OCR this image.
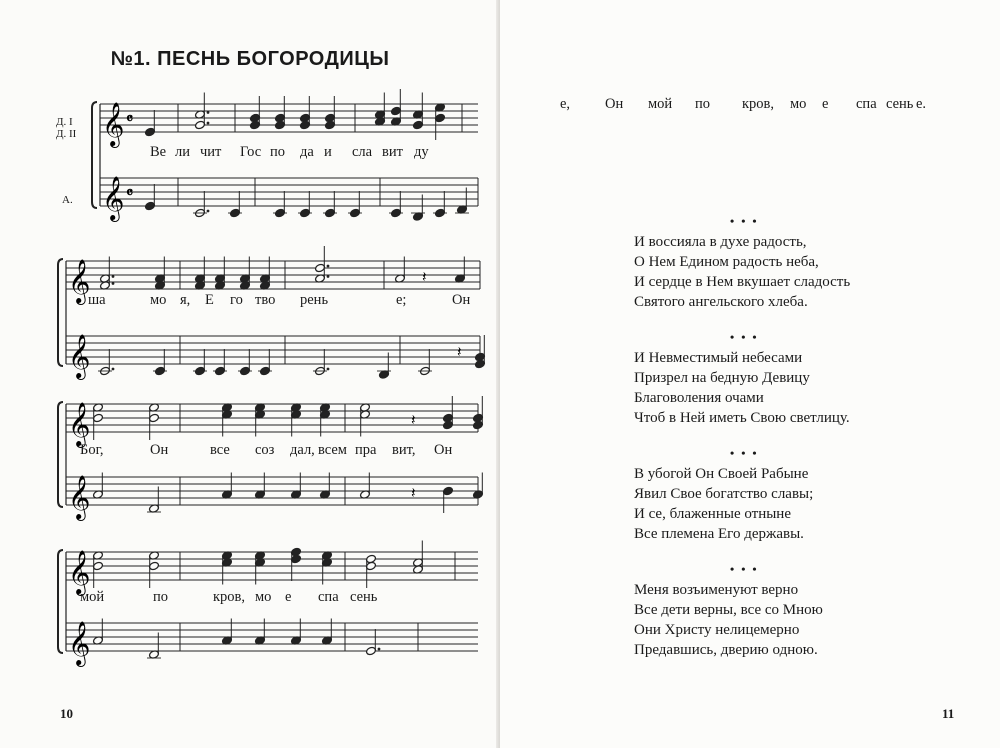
№1. ПЕСНЬ БОГОРОДИЦЫ
Д. I
Д. II
А.
𝄞 𝄴
𝄞 𝄴
𝄞
𝄞
𝄽
𝄽
𝄞
𝄞
𝄽
𝄽
𝄞
𝄞
Ве ли чит Гос по да и сла вит ду
ша	мо я, Е го тво рень	е;	Он
Бог,	Он	все соз дал, всем пра вит, Он
мой	по	кров, мо е спа сень
10
е, Он мой по кров, мо е спа сень е.
11
• • •
И воссияла в духе радость,
О Нем Едином радость неба,
И сердце в Нем вкушает сладость
Святого ангельского хлеба.
• • •
И Невместимый небесами
Призрел на бедную Девицу
Благоволения очами
Чтоб в Ней иметь Свою светлицу.
• • •
В убогой Он Своей Рабыне
Явил Свое богатство славы;
И се, блаженные отныне
Все племена Его державы.
• • •
Меня возъименуют верно
Все дети верны, все со Мною
Они Христу нелицемерно
Предавшись, дверию одною.
